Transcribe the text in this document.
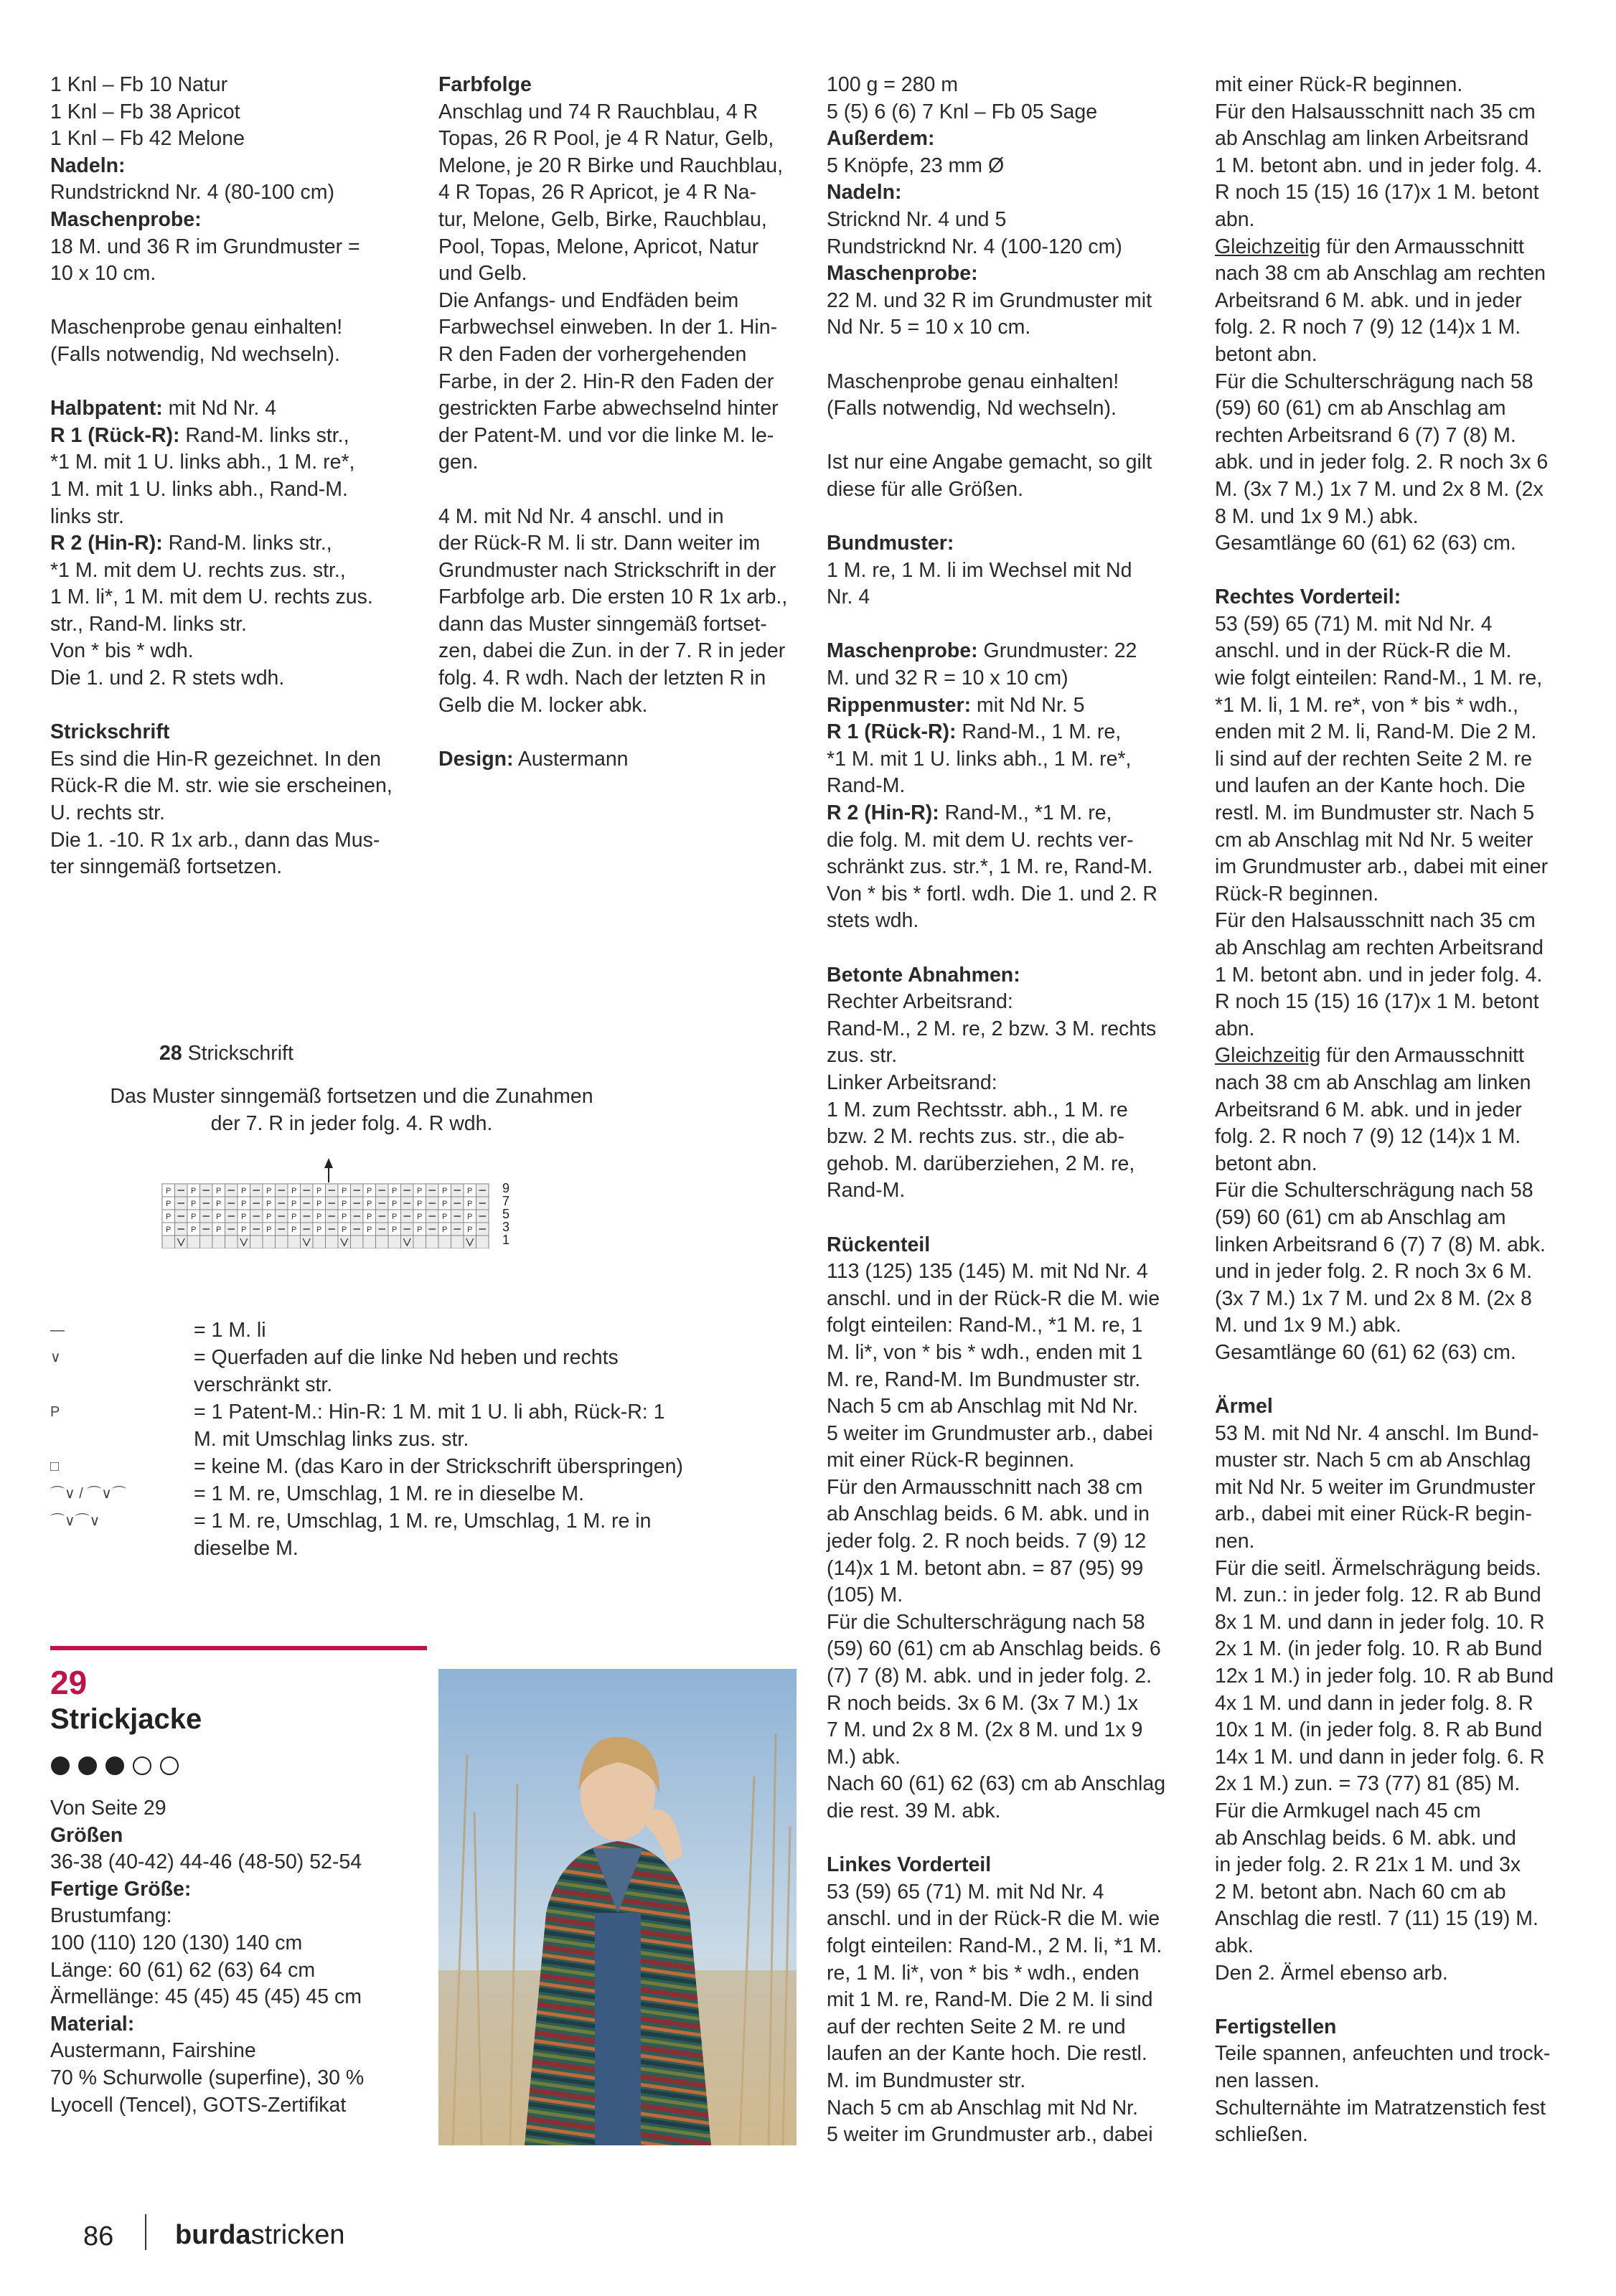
1 Knl – Fb 10 Natur

1 Knl – Fb 38 Apricot

1 Knl – Fb 42 Melone

Nadeln:

Rundstricknd Nr. 4 (80-100 cm)

Maschenprobe:

18 M. und 36 R im Grundmuster =
10 x 10 cm.

Maschenprobe genau einhalten!
(Falls notwendig, Nd wechseln).

Halbpatent: mit Nd Nr. 4

R 1 (Rück-R): Rand-M. links str.,
*1 M. mit 1 U. links abh., 1 M. re*,
1 M. mit 1 U. links abh., Rand-M.
links str.

R 2 (Hin-R): Rand-M. links str.,
*1 M. mit dem U. rechts zus. str.,
1 M. li*, 1 M. mit dem U. rechts zus.
str., Rand-M. links str.
Von * bis * wdh.
Die 1. und 2. R stets wdh.

Strickschrift

Es sind die Hin-R gezeichnet. In den
Rück-R die M. str. wie sie erscheinen,
U. rechts str.
Die 1. -10. R 1x arb., dann das Mus-
ter sinngemäß fortsetzen.

Farbfolge

Anschlag und 74 R Rauchblau, 4 R
Topas, 26 R Pool, je 4 R Natur, Gelb,
Melone, je 20 R Birke und Rauchblau,
4 R Topas, 26 R Apricot, je 4 R Na-
tur, Melone, Gelb, Birke, Rauchblau,
Pool, Topas, Melone, Apricot, Natur
und Gelb.
Die Anfangs- und Endfäden beim
Farbwechsel einweben. In der 1. Hin-
R den Faden der vorhergehenden
Farbe, in der 2. Hin-R den Faden der
gestrickten Farbe abwechselnd hinter
der Patent-M. und vor die linke M. le-
gen.

4 M. mit Nd Nr. 4 anschl. und in
der Rück-R M. li str. Dann weiter im
Grundmuster nach Strickschrift in der
Farbfolge arb. Die ersten 10 R 1x arb.,
dann das Muster sinngemäß fortset-
zen, dabei die Zun. in der 7. R in jeder
folg. 4. R wdh. Nach der letzten R in
Gelb die M. locker abk.

Design: Austermann

28 Strickschrift
Das Muster sinngemäß fortsetzen und die Zunahmen
der 7. R in jeder folg. 4. R wdh.
P	P	P	P	P	P	P	P	P	P	P	P	P
P	P	P	P	P	P	P	P	P	P	P	P	P
P	P	P	P	P	P	P	P	P	P	P	P	P
P	P	P	P	P	P	P	P	P	P	P	P	P
9
7
5
3
1
—	= 1 M. li
∨	= Querfaden auf die linke Nd heben und rechts
verschränkt str.
P	= 1 Patent-M.: Hin-R: 1 M. mit 1 U. li abh, Rück-R: 1
M. mit Umschlag links zus. str.
□	= keine M. (das Karo in der Strickschrift überspringen)
⌒∨ / ⌒∨⌒	= 1 M. re, Umschlag, 1 M. re in dieselbe M.
⌒∨⌒∨	= 1 M. re, Umschlag, 1 M. re, Umschlag, 1 M. re in
dieselbe M.
29
Strickjacke

Von Seite 29

Größen

36-38 (40-42) 44-46 (48-50) 52-54

Fertige Größe:

Brustumfang:
100 (110) 120 (130) 140 cm
Länge: 60 (61) 62 (63) 64 cm
Ärmellänge: 45 (45) 45 (45) 45 cm

Material:

Austermann, Fairshine
70 % Schurwolle (superfine), 30 %
Lyocell (Tencel), GOTS-Zertifikat

100 g = 280 m
5 (5) 6 (6) 7 Knl – Fb 05 Sage

Außerdem:

5 Knöpfe, 23 mm Ø

Nadeln:

Stricknd Nr. 4 und 5
Rundstricknd Nr. 4 (100-120 cm)

Maschenprobe:

22 M. und 32 R im Grundmuster mit
Nd Nr. 5 = 10 x 10 cm.

Maschenprobe genau einhalten!
(Falls notwendig, Nd wechseln).

Ist nur eine Angabe gemacht, so gilt
diese für alle Größen.

Bundmuster:

1 M. re, 1 M. li im Wechsel mit Nd
Nr. 4

Maschenprobe: Grundmuster: 22
M. und 32 R = 10 x 10 cm)

Rippenmuster: mit Nd Nr. 5

R 1 (Rück-R): Rand-M., 1 M. re,
*1 M. mit 1 U. links abh., 1 M. re*,
Rand-M.

R 2 (Hin-R): Rand-M., *1 M. re,
die folg. M. mit dem U. rechts ver-
schränkt zus. str.*, 1 M. re, Rand-M.
Von * bis * fortl. wdh. Die 1. und 2. R
stets wdh.

Betonte Abnahmen:

Rechter Arbeitsrand:
Rand-M., 2 M. re, 2 bzw. 3 M. rechts
zus. str.
Linker Arbeitsrand:
1 M. zum Rechtsstr. abh., 1 M. re
bzw. 2 M. rechts zus. str., die ab-
gehob. M. darüberziehen, 2 M. re,
Rand-M.

Rückenteil

113 (125) 135 (145) M. mit Nd Nr. 4
anschl. und in der Rück-R die M. wie
folgt einteilen: Rand-M., *1 M. re, 1
M. li*, von * bis * wdh., enden mit 1
M. re, Rand-M. Im Bundmuster str.
Nach 5 cm ab Anschlag mit Nd Nr.
5 weiter im Grundmuster arb., dabei
mit einer Rück-R beginnen.
Für den Armausschnitt nach 38 cm
ab Anschlag beids. 6 M. abk. und in
jeder folg. 2. R noch beids. 7 (9) 12
(14)x 1 M. betont abn. = 87 (95) 99
(105) M.
Für die Schulterschrägung nach 58
(59) 60 (61) cm ab Anschlag beids. 6
(7) 7 (8) M. abk. und in jeder folg. 2.
R noch beids. 3x 6 M. (3x 7 M.) 1x
7 M. und 2x 8 M. (2x 8 M. und 1x 9
M.) abk.
Nach 60 (61) 62 (63) cm ab Anschlag
die rest. 39 M. abk.

Linkes Vorderteil

53 (59) 65 (71) M. mit Nd Nr. 4
anschl. und in der Rück-R die M. wie
folgt einteilen: Rand-M., 2 M. li, *1 M.
re, 1 M. li*, von * bis * wdh., enden
mit 1 M. re, Rand-M. Die 2 M. li sind
auf der rechten Seite 2 M. re und
laufen an der Kante hoch. Die restl.
M. im Bundmuster str.
Nach 5 cm ab Anschlag mit Nd Nr.
5 weiter im Grundmuster arb., dabei

mit einer Rück-R beginnen.
Für den Halsausschnitt nach 35 cm
ab Anschlag am linken Arbeitsrand
1 M. betont abn. und in jeder folg. 4.
R noch 15 (15) 16 (17)x 1 M. betont
abn.

Gleichzeitig für den Armausschnitt
nach 38 cm ab Anschlag am rechten
Arbeitsrand 6 M. abk. und in jeder
folg. 2. R noch 7 (9) 12 (14)x 1 M.
betont abn.
Für die Schulterschrägung nach 58
(59) 60 (61) cm ab Anschlag am
rechten Arbeitsrand 6 (7) 7 (8) M.
abk. und in jeder folg. 2. R noch 3x 6
M. (3x 7 M.) 1x 7 M. und 2x 8 M. (2x
8 M. und 1x 9 M.) abk.
Gesamtlänge 60 (61) 62 (63) cm.

Rechtes Vorderteil:

53 (59) 65 (71) M. mit Nd Nr. 4
anschl. und in der Rück-R die M.
wie folgt einteilen: Rand-M., 1 M. re,
*1 M. li, 1 M. re*, von * bis * wdh.,
enden mit 2 M. li, Rand-M. Die 2 M.
li sind auf der rechten Seite 2 M. re
und laufen an der Kante hoch. Die
restl. M. im Bundmuster str. Nach 5
cm ab Anschlag mit Nd Nr. 5 weiter
im Grundmuster arb., dabei mit einer
Rück-R beginnen.
Für den Halsausschnitt nach 35 cm
ab Anschlag am rechten Arbeitsrand
1 M. betont abn. und in jeder folg. 4.
R noch 15 (15) 16 (17)x 1 M. betont
abn.

Gleichzeitig für den Armausschnitt
nach 38 cm ab Anschlag am linken
Arbeitsrand 6 M. abk. und in jeder
folg. 2. R noch 7 (9) 12 (14)x 1 M.
betont abn.
Für die Schulterschrägung nach 58
(59) 60 (61) cm ab Anschlag am
linken Arbeitsrand 6 (7) 7 (8) M. abk.
und in jeder folg. 2. R noch 3x 6 M.
(3x 7 M.) 1x 7 M. und 2x 8 M. (2x 8
M. und 1x 9 M.) abk.
Gesamtlänge 60 (61) 62 (63) cm.

Ärmel

53 M. mit Nd Nr. 4 anschl. Im Bund-
muster str. Nach 5 cm ab Anschlag
mit Nd Nr. 5 weiter im Grundmuster
arb., dabei mit einer Rück-R begin-
nen.
Für die seitl. Ärmelschrägung beids.
M. zun.: in jeder folg. 12. R ab Bund
8x 1 M. und dann in jeder folg. 10. R
2x 1 M. (in jeder folg. 10. R ab Bund
12x 1 M.) in jeder folg. 10. R ab Bund
4x 1 M. und dann in jeder folg. 8. R
10x 1 M. (in jeder folg. 8. R ab Bund
14x 1 M. und dann in jeder folg. 6. R
2x 1 M.) zun. = 73 (77) 81 (85) M.
Für die Armkugel nach 45 cm
ab Anschlag beids. 6 M. abk. und
in jeder folg. 2. R 21x 1 M. und 3x
2 M. betont abn. Nach 60 cm ab
Anschlag die restl. 7 (11) 15 (19) M.
abk.
Den 2. Ärmel ebenso arb.

Fertigstellen

Teile spannen, anfeuchten und trock-
nen lassen.
Schulternähte im Matratzenstich fest
schließen.

86 burdastricken
